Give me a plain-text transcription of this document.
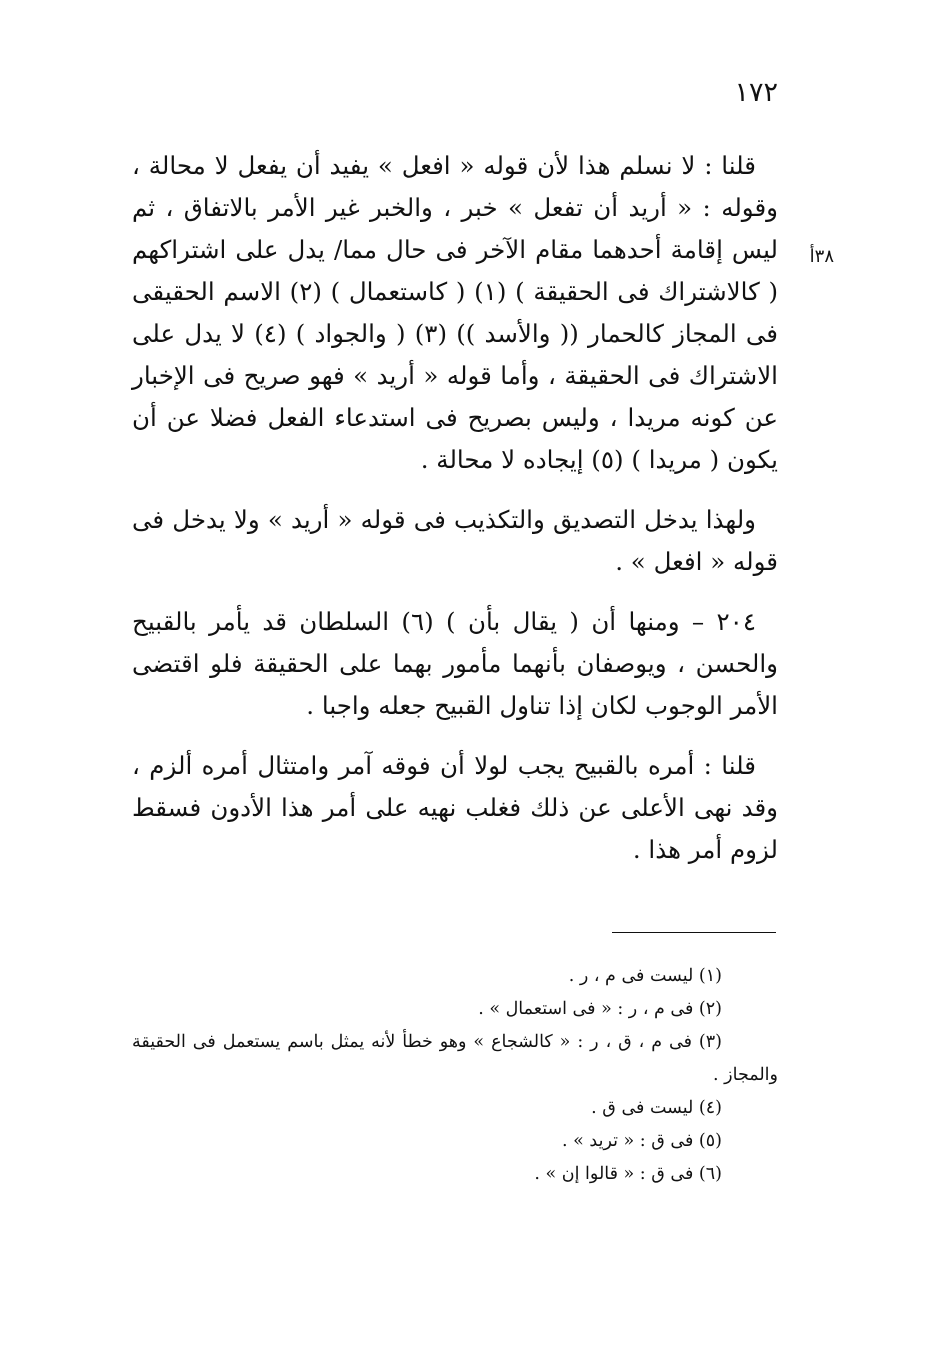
١٧٢
٣٨أ

قلنا : لا نسلم هذا لأن قوله « افعل » يفيد أن يفعل لا محالة ، وقوله : « أريد أن تفعل » خبر ، والخبر غير الأمر بالاتفاق ، ثم ليس إقامة أحدهما مقام الآخر فى حال مما/ يدل على اشتراكهم ( كالاشتراك فى الحقيقة ) (١) ( كاستعمال ) (٢) الاسم الحقيقى فى المجاز كالحمار (( والأسد )) (٣) ( والجواد ) (٤) لا يدل على الاشتراك فى الحقيقة ، وأما قوله « أريد » فهو صريح فى الإخبار عن كونه مريدا ، وليس بصريح فى استدعاء الفعل فضلا عن أن يكون ( مريدا ) (٥) إيجاده لا محالة .

ولهذا يدخل التصديق والتكذيب فى قوله « أريد » ولا يدخل فى قوله « افعل » .

٢٠٤ – ومنها أن ( يقال بأن ) (٦) السلطان قد يأمر بالقبيح والحسن ، ويوصفان بأنهما مأمور بهما على الحقيقة فلو اقتضى الأمر الوجوب لكان إذا تناول القبيح جعله واجبا .

قلنا : أمره بالقبيح يجب لولا أن فوقه آمر وامتثال أمره ألزم ، وقد نهى الأعلى عن ذلك فغلب نهيه على أمر هذا الأدون فسقط لزوم أمر هذا .

(١) ليست فى م ، ر .

(٢) فى م ، ر : « فى استعمال » .

(٣) فى م ، ق ، ر : « كالشجاع » وهو خطأ لأنه يمثل باسم يستعمل فى الحقيقة والمجاز .

(٤) ليست فى ق .

(٥) فى ق : « تريد » .

(٦) فى ق : « قالوا إن » .
